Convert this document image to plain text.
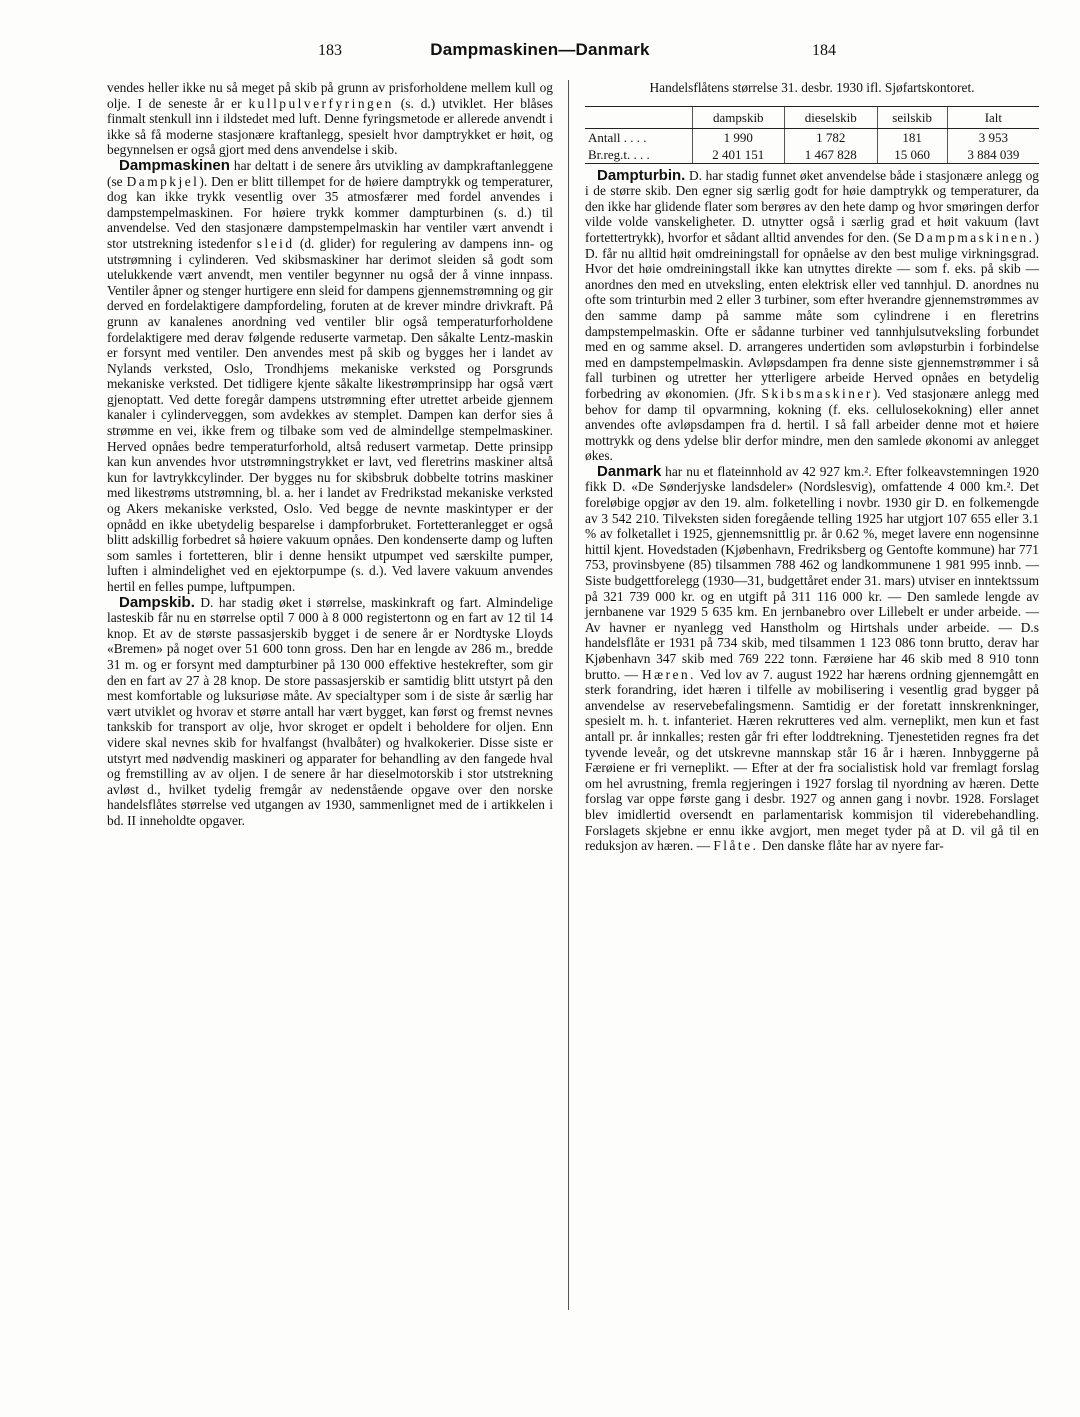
183	Dampmaskinen—Danmark	184

vendes heller ikke nu så meget på skib på grunn av prisforholdene mellem kull og olje. I de seneste år er kullpulverfyringen (s. d.) utviklet. Her blåses finmalt stenkull inn i ildstedet med luft. Denne fyringsmetode er allerede anvendt i ikke så få moderne stasjonære kraftanlegg, spesielt hvor damptrykket er høit, og begynnelsen er også gjort med dens anvendelse i skib.

Dampmaskinen har deltatt i de senere års utvikling av dampkraftanleggene (se Dampkjel). Den er blitt tillempet for de høiere damptrykk og temperaturer, dog kan ikke trykk vesentlig over 35 atmosfærer med fordel anvendes i dampstempelmaskinen. For høiere trykk kommer dampturbinen (s. d.) til anvendelse. Ved den stasjonære dampstempelmaskin har ventiler vært anvendt i stor utstrekning istedenfor sleid (d. glider) for regulering av dampens inn- og utstrømning i cylinderen. Ved skibsmaskiner har derimot sleiden så godt som utelukkende vært anvendt, men ventiler begynner nu også der å vinne innpass. Ventiler åpner og stenger hurtigere enn sleid for dampens gjennemstrømning og gir derved en fordelaktigere dampfordeling, foruten at de krever mindre drivkraft. På grunn av kanalenes anordning ved ventiler blir også temperaturforholdene fordelaktigere med derav følgende reduserte varmetap. Den såkalte Lentz-maskin er forsynt med ventiler. Den anvendes mest på skib og bygges her i landet av Nylands verksted, Oslo, Trondhjems mekaniske verksted og Porsgrunds mekaniske verksted. Det tidligere kjente såkalte likestrømprinsipp har også vært gjenoptatt. Ved dette foregår dampens utstrømning efter utrettet arbeide gjennem kanaler i cylinderveggen, som avdekkes av stemplet. Dampen kan derfor sies å strømme en vei, ikke frem og tilbake som ved de almindellge stempelmaskiner. Herved opnåes bedre temperaturforhold, altså redusert varmetap. Dette prinsipp kan kun anvendes hvor utstrømningstrykket er lavt, ved fleretrins maskiner altså kun for lavtrykkcylinder. Der bygges nu for skibsbruk dobbelte totrins maskiner med likestrøms utstrømning, bl. a. her i landet av Fredrikstad mekaniske verksted og Akers mekaniske verksted, Oslo. Ved begge de nevnte maskintyper er der opnådd en ikke ubetydelig besparelse i dampforbruket. Fortetteranlegget er også blitt adskillig forbedret så høiere vakuum opnåes. Den kondenserte damp og luften som samles i fortetteren, blir i denne hensikt utpumpet ved særskilte pumper, luften i almindelighet ved en ejektorpumpe (s. d.). Ved lavere vakuum anvendes hertil en felles pumpe, luftpumpen.

Dampskib. D. har stadig øket i størrelse, maskinkraft og fart. Almindelige lasteskib får nu en størrelse optil 7 000 à 8 000 registertonn og en fart av 12 til 14 knop. Et av de største passasjerskib bygget i de senere år er Nordtyske Lloyds «Bremen» på noget over 51 600 tonn gross. Den har en lengde av 286 m., bredde 31 m. og er forsynt med dampturbiner på 130 000 effektive hestekrefter, som gir den en fart av 27 à 28 knop. De store passasjerskib er samtidig blitt utstyrt på den mest komfortable og luksuriøse måte. Av specialtyper som i de siste år særlig har vært utviklet og hvorav et større antall har vært bygget, kan først og fremst nevnes tankskib for transport av olje, hvor skroget er opdelt i beholdere for oljen. Enn videre skal nevnes skib for hvalfangst (hvalbåter) og hvalkokerier. Disse siste er utstyrt med nødvendig maskineri og apparater for behandling av den fangede hval og fremstilling av av oljen. I de senere år har dieselmotorskib i stor utstrekning avløst d., hvilket tydelig fremgår av nedenstående opgave over den norske handelsflåtes størrelse ved utgangen av 1930, sammenlignet med de i artikkelen i bd. II inneholdte opgaver.

Handelsflåtens størrelse 31. desbr. 1930 ifl. Sjøfartskontoret.
	dampskib	dieselskib	seilskib	Ialt
Antall . . . .	1 990	1 782	181	3 953
Br.reg.t. . . .	2 401 151	1 467 828	15 060	3 884 039

Dampturbin. D. har stadig funnet øket anvendelse både i stasjonære anlegg og i de større skib. Den egner sig særlig godt for høie damptrykk og temperaturer, da den ikke har glidende flater som berøres av den hete damp og hvor smøringen derfor vilde volde vanskeligheter. D. utnytter også i særlig grad et høit vakuum (lavt fortettertrykk), hvorfor et sådant alltid anvendes for den. (Se Dampmaskinen.) D. får nu alltid høit omdreiningstall for opnåelse av den best mulige virkningsgrad. Hvor det høie omdreiningstall ikke kan utnyttes direkte — som f. eks. på skib — anordnes den med en utveksling, enten elektrisk eller ved tannhjul. D. anordnes nu ofte som trinturbin med 2 eller 3 turbiner, som efter hverandre gjennemstrømmes av den samme damp på samme måte som cylindrene i en fleretrins dampstempelmaskin. Ofte er sådanne turbiner ved tannhjulsutveksling forbundet med en og samme aksel. D. arrangeres undertiden som avløpsturbin i forbindelse med en dampstempelmaskin. Avløpsdampen fra denne siste gjennemstrømmer i så fall turbinen og utretter her ytterligere arbeide Herved opnåes en betydelig forbedring av økonomien. (Jfr. Skibsmaskiner). Ved stasjonære anlegg med behov for damp til opvarmning, kokning (f. eks. cellulosekokning) eller annet anvendes ofte avløpsdampen fra d. hertil. I så fall arbeider denne mot et høiere mottrykk og dens ydelse blir derfor mindre, men den samlede økonomi av anlegget økes.

Danmark har nu et flateinnhold av 42 927 km.². Efter folkeavstemningen 1920 fikk D. «De Sønderjyske landsdeler» (Nordslesvig), omfattende 4 000 km.². Det foreløbige opgjør av den 19. alm. folketelling i novbr. 1930 gir D. en folkemengde av 3 542 210. Tilveksten siden foregående telling 1925 har utgjort 107 655 eller 3.1 % av folketallet i 1925, gjennemsnittlig pr. år 0.62 %, meget lavere enn nogensinne hittil kjent. Hovedstaden (Kjøbenhavn, Fredriksberg og Gentofte kommune) har 771 753, provinsbyene (85) tilsammen 788 462 og landkommunene 1 981 995 innb. — Siste budgettforelegg (1930—31, budgettåret ender 31. mars) utviser en inntektssum på 321 739 000 kr. og en utgift på 311 116 000 kr. — Den samlede lengde av jernbanene var 1929 5 635 km. En jernbanebro over Lillebelt er under arbeide. — Av havner er nyanlegg ved Hanstholm og Hirtshals under arbeide. — D.s handelsflåte er 1931 på 734 skib, med tilsammen 1 123 086 tonn brutto, derav har Kjøbenhavn 347 skib med 769 222 tonn. Færøiene har 46 skib med 8 910 tonn brutto. — Hæren. Ved lov av 7. august 1922 har hærens ordning gjennemgått en sterk forandring, idet hæren i tilfelle av mobilisering i vesentlig grad bygger på anvendelse av reservebefalingsmenn. Samtidig er der foretatt innskrenkninger, spesielt m. h. t. infanteriet. Hæren rekrutteres ved alm. verneplikt, men kun et fast antall pr. år innkalles; resten går fri efter loddtrekning. Tjenestetiden regnes fra det tyvende leveår, og det utskrevne mannskap står 16 år i hæren. Innbyggerne på Færøiene er fri verneplikt. — Efter at der fra socialistisk hold var fremlagt forslag om hel avrustning, fremla regjeringen i 1927 forslag til nyordning av hæren. Dette forslag var oppe første gang i desbr. 1927 og annen gang i novbr. 1928. Forslaget blev imidlertid oversendt en parlamentarisk kommisjon til viderebehandling. Forslagets skjebne er ennu ikke avgjort, men meget tyder på at D. vil gå til en reduksjon av hæren. — Flåte. Den danske flåte har av nyere far-
